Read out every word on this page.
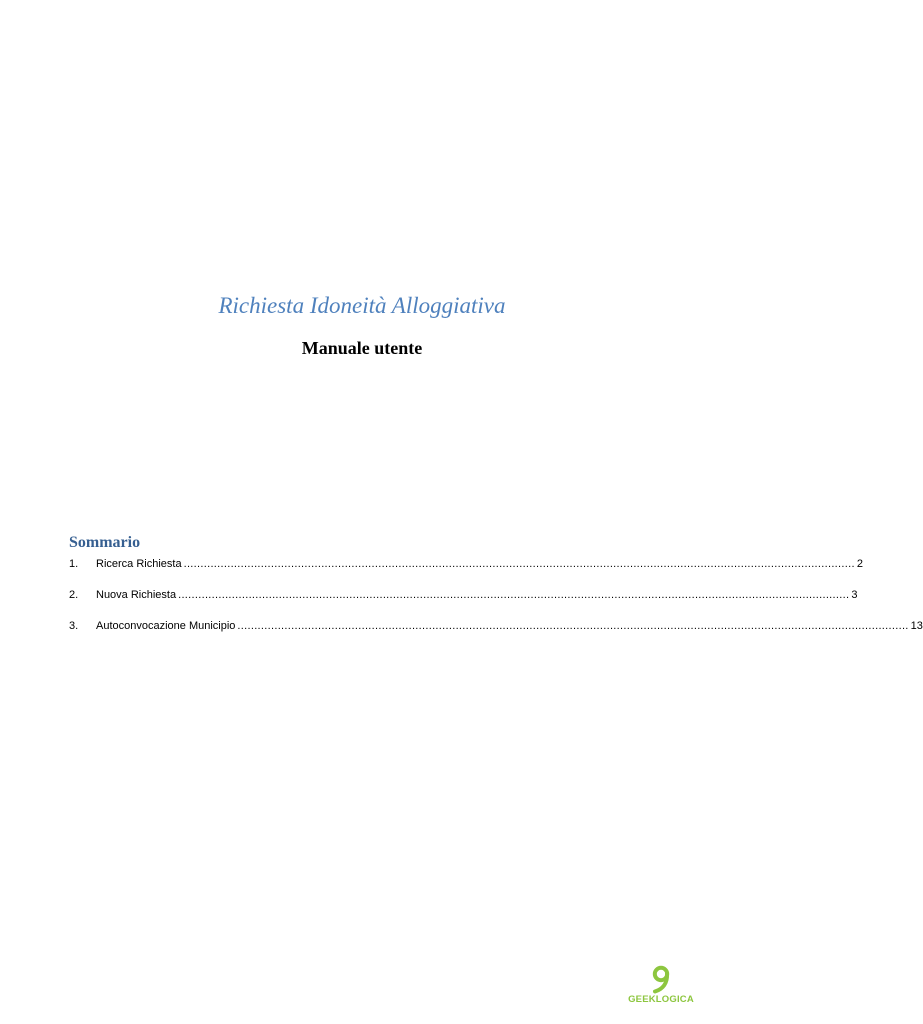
Richiesta Idoneità Alloggiativa
Manuale utente
Sommario
1.	Ricerca Richiesta ........................................................................................................................................................................................................ 2
2.	Nuova Richiesta ........................................................................................................................................................................................................ 3
3.	Autoconvocazione Municipio ........................................................................................................................................................................................................ 13
GEEKLOGICA
